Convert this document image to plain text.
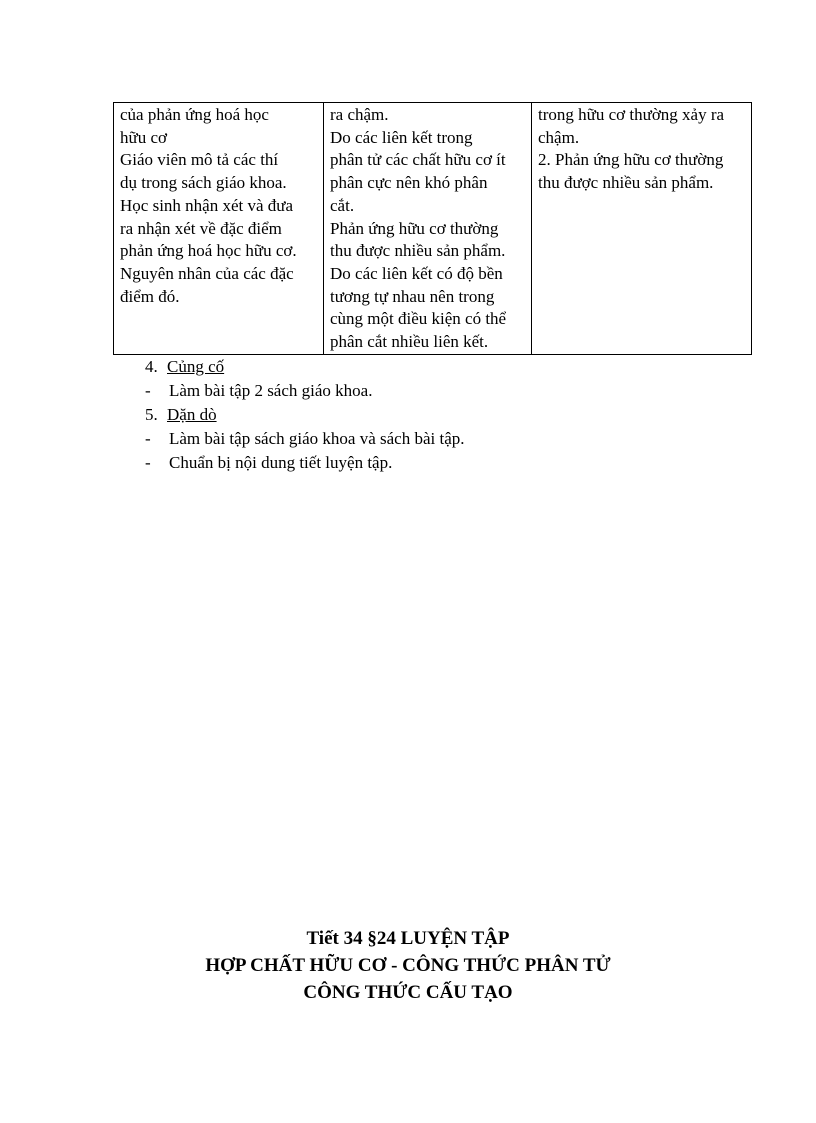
của phản ứng hoá học
hữu cơ
Giáo viên mô tả các thí
dụ trong sách giáo khoa.
Học sinh nhận xét và đưa
ra nhận xét về đặc điểm
phản ứng hoá học hữu cơ.
Nguyên nhân của các đặc
điểm đó.

ra chậm.
Do các liên kết trong
phân tử các chất hữu cơ ít
phân cực nên khó phân
cắt.
Phản ứng hữu cơ thường
thu được nhiều sản phẩm.
Do các liên kết có độ bền
tương tự nhau nên trong
cùng một điều kiện có thể
phân cắt nhiều liên kết.

trong hữu cơ thường xảy ra
chậm.
2. Phản ứng hữu cơ thường
thu được nhiều sản phẩm.
4. Củng cố
- Làm bài tập 2 sách giáo khoa.
5. Dặn dò
- Làm bài tập sách giáo khoa và sách bài tập.
- Chuẩn bị nội dung tiết luyện tập.
Tiết 34 §24 LUYỆN TẬP
HỢP CHẤT HỮU CƠ - CÔNG THỨC PHÂN TỬ
CÔNG THỨC CẤU TẠO
